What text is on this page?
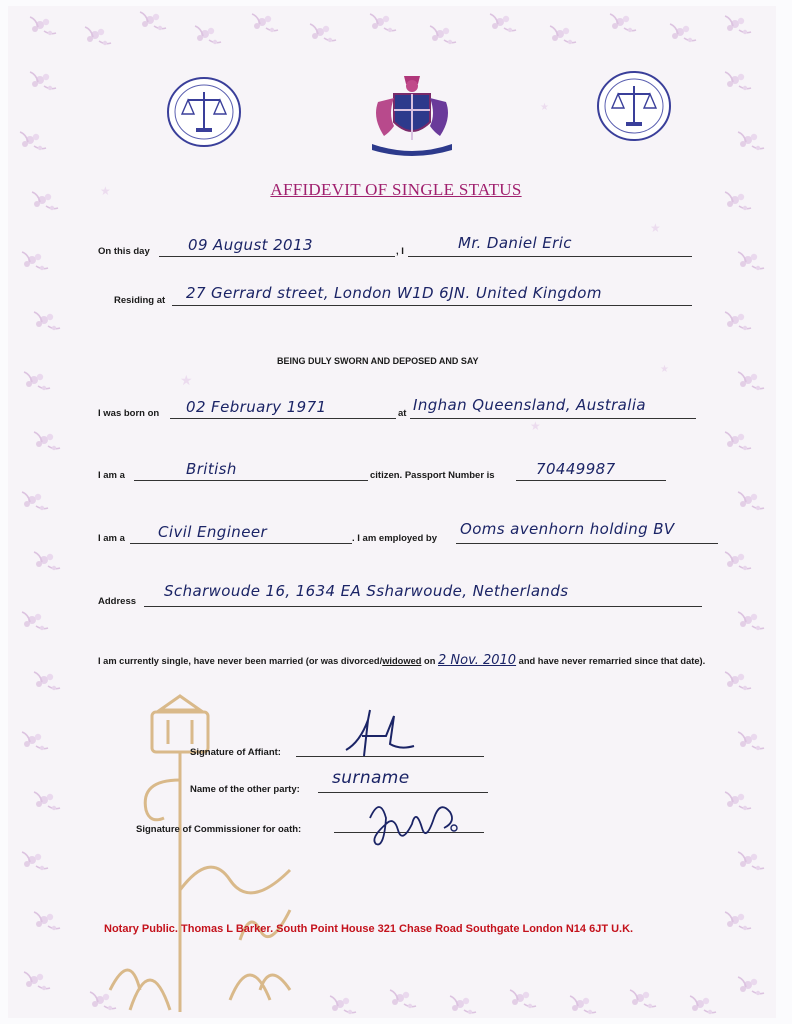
★
★
★
★
★
★
AFFIDEVIT OF SINGLE STATUS
On this day	09 August 2013	, I	Mr. Daniel Eric
Residing at 27 Gerrard street, London W1D 6JN. United Kingdom
BEING DULY SWORN AND DEPOSED AND SAY
I was born on 02 February 1971	at Inghan Queensland, Australia
I am a	British	citizen. Passport Number is	70449987
I am a Civil Engineer	. I am employed by
Ooms avenhorn holding BV
Address
Scharwoude 16, 1634 EA Ssharwoude, Netherlands
I am currently single, have never been married (or was divorced/widowed on 2 Nov. 2010 and have never remarried since that date).
Signature of Affiant:
Name of the other party:
surname
Signature of Commissioner for oath:
Notary Public. Thomas L Barker. South Point House 321 Chase Road Southgate London N14 6JT U.K.
